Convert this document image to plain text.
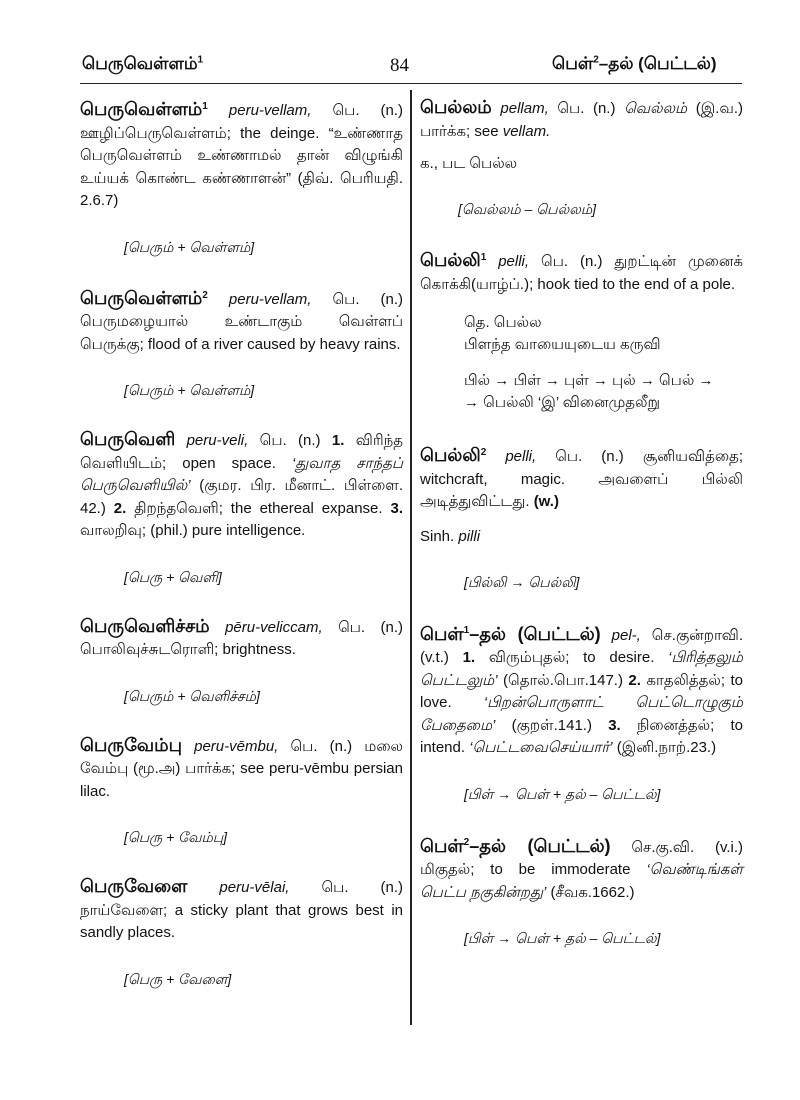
பெருவெள்ளம்$^1$	84	பெள்$^2$–தல் (பெட்டல்)

பெருவெள்ளம்$^1$ peru-vellam, பெ. (n.) ஊழிப்பெருவெள்ளம்; the deinge. “உண்ணாத பெருவெள்ளம் உண்ணாமல் தான் விழுங்கி உய்யக் கொண்ட கண்ணாளன்” (திவ். பெரியதி. 2.6.7)

[பெரும் + வெள்ளம்]

பெருவெள்ளம்$^2$ peru-vellam, பெ. (n.) பெருமழையால் உண்டாகும் வெள்ளப் பெருக்கு; flood of a river caused by heavy rains.

[பெரும் + வெள்ளம்]

பெருவெளி peru-veli, பெ. (n.) 1. விரிந்த வெளியிடம்; open space. ‘துவாத சாந்தப் பெருவெளியில்’ (குமர. பிர. மீனாட். பிள்ளை. 42.) 2. திறந்தவெளி; the ethereal expanse. 3. வாலறிவு; (phil.) pure intelligence.

[பெரு + வெளி]

பெருவெளிச்சம் pēru-veliccam, பெ. (n.) பொலிவுச்சுடரொளி; brightness.

[பெரும் + வெளிச்சம்]

பெருவேம்பு peru-vēmbu, பெ. (n.) மலை வேம்பு (மூ.அ) பார்க்க; see peru-vēmbu persian lilac.

[பெரு + வேம்பு]

பெருவேளை peru-vēlai, பெ. (n.) நாய்வேளை; a sticky plant that grows best in sandly places.

[பெரு + வேளை]

பெல்லம் pellam, பெ. (n.) வெல்லம் (இ.வ.) பார்க்க; see vellam.

க., பட பெல்ல

[வெல்லம் – பெல்லம்]

பெல்லி$^1$ pelli, பெ. (n.) துறட்டின் முனைக் கொக்கி(யாழ்ப்.); hook tied to the end of a pole.

தெ. பெல்ல

பிளந்த வாயையுடைய கருவி

பில் → பிள் → புள் → புல் → பெல் →

→ பெல்லி ‘இ’ வினைமுதலீறு

பெல்லி$^2$ pelli, பெ. (n.) சூனியவித்தை; witchcraft, magic. அவளைப் பில்லி அடித்துவிட்டது. (w.)

Sinh. pilli

[பில்லி → பெல்லி]

பெள்$^1$–தல் (பெட்டல்) pel-, செ.குன்றாவி. (v.t.) 1. விரும்புதல்; to desire. ‘பிரித்தலும் பெட்டலும்’ (தொல்.பொ.147.) 2. காதலித்தல்; to love. ‘பிறன்பொருளாட் பெட்டொழுகும் பேதைமை’ (குறள்.141.) 3. நினைத்தல்; to intend. ‘பெட்டவைசெய்யார்’ (இனி.நாற்.23.)

[பிள் → பெள் + தல் – பெட்டல்]

பெள்$^2$–தல் (பெட்டல்) செ.கு.வி. (v.i.) மிகுதல்; to be immoderate ‘வெண்டிங்கள் பெட்ப நகுகின்றது’ (சீவக.1662.)

[பிள் → பெள் + தல் – பெட்டல்]
